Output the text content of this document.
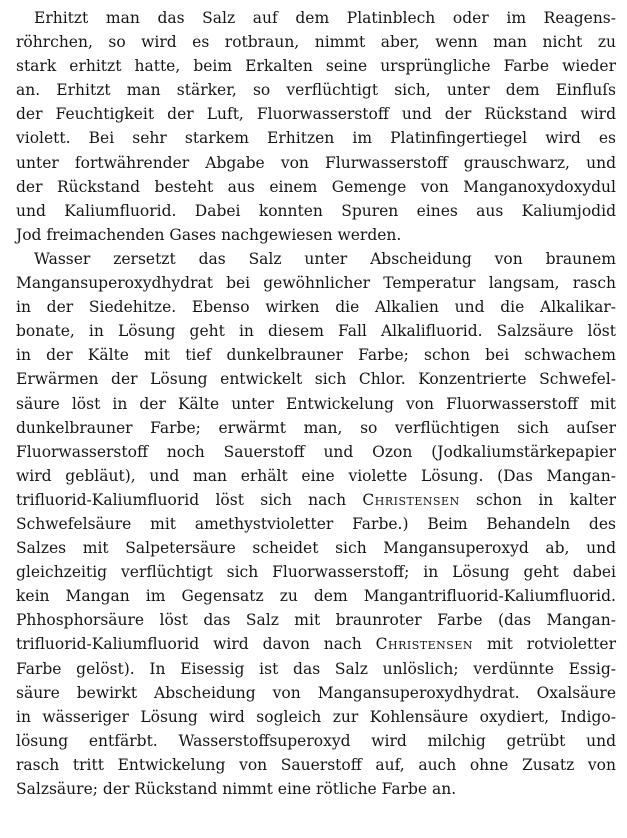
Erhitzt man das Salz auf dem Platinblech oder im Reagens-
röhrchen, so wird es rotbraun, nimmt aber, wenn man nicht zu
stark erhitzt hatte, beim Erkalten seine ursprüngliche Farbe wieder
an. Erhitzt man stärker, so verflüchtigt sich, unter dem Einfluſs
der Feuchtigkeit der Luft, Fluorwasserstoff und der Rückstand wird
violett. Bei sehr starkem Erhitzen im Platinfingertiegel wird es
unter fortwährender Abgabe von Flurwasserstoff grauschwarz, und
der Rückstand besteht aus einem Gemenge von Manganoxydoxydul
und Kaliumfluorid. Dabei konnten Spuren eines aus Kaliumjodid
Jod freimachenden Gases nachgewiesen werden.
Wasser zersetzt das Salz unter Abscheidung von braunem
Mangansuperoxydhydrat bei gewöhnlicher Temperatur langsam, rasch
in der Siedehitze. Ebenso wirken die Alkalien und die Alkalikar-
bonate, in Lösung geht in diesem Fall Alkalifluorid. Salzsäure löst
in der Kälte mit tief dunkelbrauner Farbe; schon bei schwachem
Erwärmen der Lösung entwickelt sich Chlor. Konzentrierte Schwefel-
säure löst in der Kälte unter Entwickelung von Fluorwasserstoff mit
dunkelbrauner Farbe; erwärmt man, so verflüchtigen sich auſser
Fluorwasserstoff noch Sauerstoff und Ozon (Jodkaliumstärkepapier
wird gebläut), und man erhält eine violette Lösung. (Das Mangan-
trifluorid-Kaliumfluorid löst sich nach Christensen schon in kalter
Schwefelsäure mit amethystvioletter Farbe.) Beim Behandeln des
Salzes mit Salpetersäure scheidet sich Mangansuperoxyd ab, und
gleichzeitig verflüchtigt sich Fluorwasserstoff; in Lösung geht dabei
kein Mangan im Gegensatz zu dem Mangantrifluorid-Kaliumfluorid.
Phhosphorsäure löst das Salz mit braunroter Farbe (das Mangan-
trifluorid-Kaliumfluorid wird davon nach Christensen mit rotvioletter
Farbe gelöst). In Eisessig ist das Salz unlöslich; verdünnte Essig-
säure bewirkt Abscheidung von Mangansuperoxydhydrat. Oxalsäure
in wässeriger Lösung wird sogleich zur Kohlensäure oxydiert, Indigo-
lösung entfärbt. Wasserstoffsuperoxyd wird milchig getrübt und
rasch tritt Entwickelung von Sauerstoff auf, auch ohne Zusatz von
Salzsäure; der Rückstand nimmt eine rötliche Farbe an.
